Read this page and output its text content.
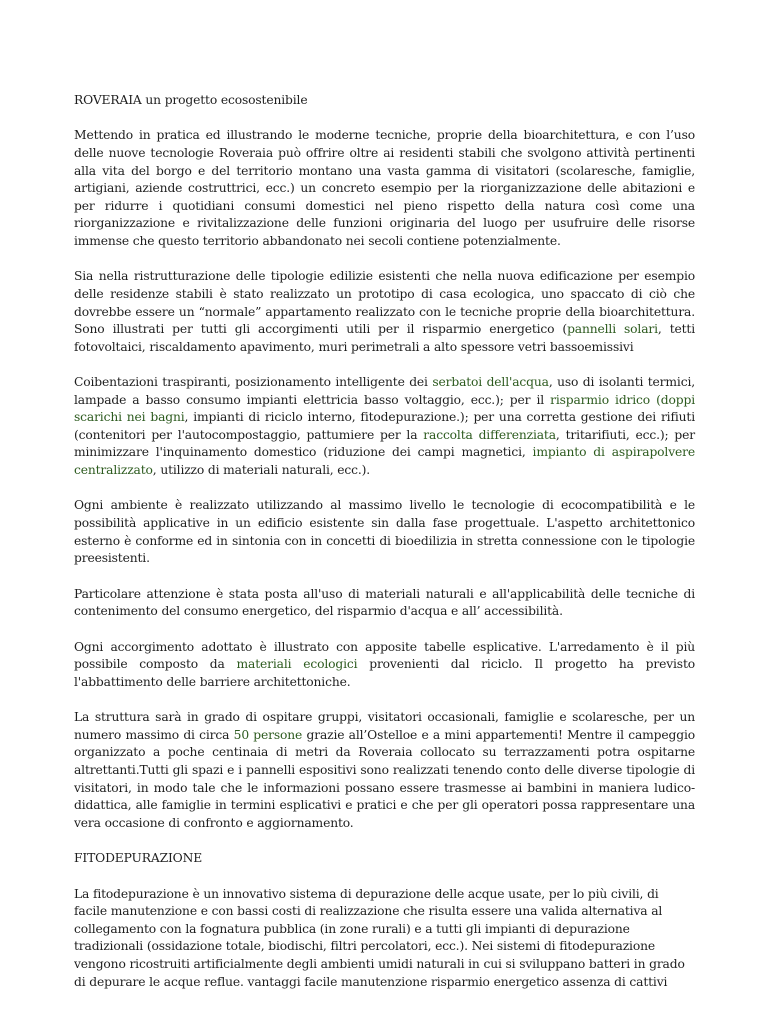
ROVERAIA un progetto ecosostenibile

Mettendo in pratica ed illustrando le moderne tecniche, proprie della bioarchitettura, e con l’uso delle nuove tecnologie Roveraia può offrire oltre ai residenti stabili che svolgono attività pertinenti alla vita del borgo e del territorio montano una vasta gamma di visitatori (scolaresche, famiglie, artigiani, aziende costruttrici, ecc.) un concreto esempio per la riorganizzazione delle abitazioni e per ridurre i quotidiani consumi domestici nel pieno rispetto della natura così come una riorganizzazione e rivitalizzazione delle funzioni originaria del luogo per usufruire delle risorse immense che questo territorio abbandonato nei secoli contiene potenzialmente.

Sia nella ristrutturazione delle tipologie edilizie esistenti che nella nuova edificazione per esempio delle residenze stabili è stato realizzato un prototipo di casa ecologica, uno spaccato di ciò che dovrebbe essere un “normale” appartamento realizzato con le tecniche proprie della bioarchitettura. Sono illustrati per tutti gli accorgimenti utili per il risparmio energetico (pannelli solari, tetti fotovoltaici, riscaldamento apavimento, muri perimetrali a alto spessore vetri bassoemissivi

Coibentazioni traspiranti, posizionamento intelligente dei serbatoi dell'acqua, uso di isolanti termici, lampade a basso consumo impianti elettricia basso voltaggio, ecc.); per il risparmio idrico (doppi scarichi nei bagni, impianti di riciclo interno, fitodepurazione.); per una corretta gestione dei rifiuti (contenitori per l'autocompostaggio, pattumiere per la raccolta differenziata, tritarifiuti, ecc.); per minimizzare l'inquinamento domestico (riduzione dei campi magnetici, impianto di aspirapolvere centralizzato, utilizzo di materiali naturali, ecc.).

Ogni ambiente è realizzato utilizzando al massimo livello le tecnologie di ecocompatibilità e le possibilità applicative in un edificio esistente sin dalla fase progettuale. L'aspetto architettonico esterno è conforme ed in sintonia con in concetti di bioedilizia in stretta connessione con le tipologie preesistenti.

Particolare attenzione è stata posta all'uso di materiali naturali e all'applicabilità delle tecniche di contenimento del consumo energetico, del risparmio d'acqua e all’ accessibilità.

Ogni accorgimento adottato è illustrato con apposite tabelle esplicative. L'arredamento è il più possibile composto da materiali ecologici provenienti dal riciclo. Il progetto ha previsto l'abbattimento delle barriere architettoniche.

La struttura sarà in grado di ospitare gruppi, visitatori occasionali, famiglie e scolaresche, per un numero massimo di circa 50 persone grazie all’Ostelloe e a mini appartementi! Mentre il campeggio organizzato a poche centinaia di metri da Roveraia collocato su terrazzamenti potra ospitarne altrettanti.Tutti gli spazi e i pannelli espositivi sono realizzati tenendo conto delle diverse tipologie di visitatori, in modo tale che le informazioni possano essere trasmesse ai bambini in maniera ludico-didattica, alle famiglie in termini esplicativi e pratici e che per gli operatori possa rappresentare una vera occasione di confronto e aggiornamento.

FITODEPURAZIONE

La fitodepurazione è un innovativo sistema di depurazione delle acque usate, per lo più civili, di facile manutenzione e con bassi costi di realizzazione che risulta essere una valida alternativa al collegamento con la fognatura pubblica (in zone rurali) e a tutti gli impianti di depurazione tradizionali (ossidazione totale, biodischi, filtri percolatori, ecc.). Nei sistemi di fitodepurazione vengono ricostruiti artificialmente degli ambienti umidi naturali in cui si sviluppano batteri in grado di depurare le acque reflue. vantaggi facile manutenzione risparmio energetico assenza di cattivi
